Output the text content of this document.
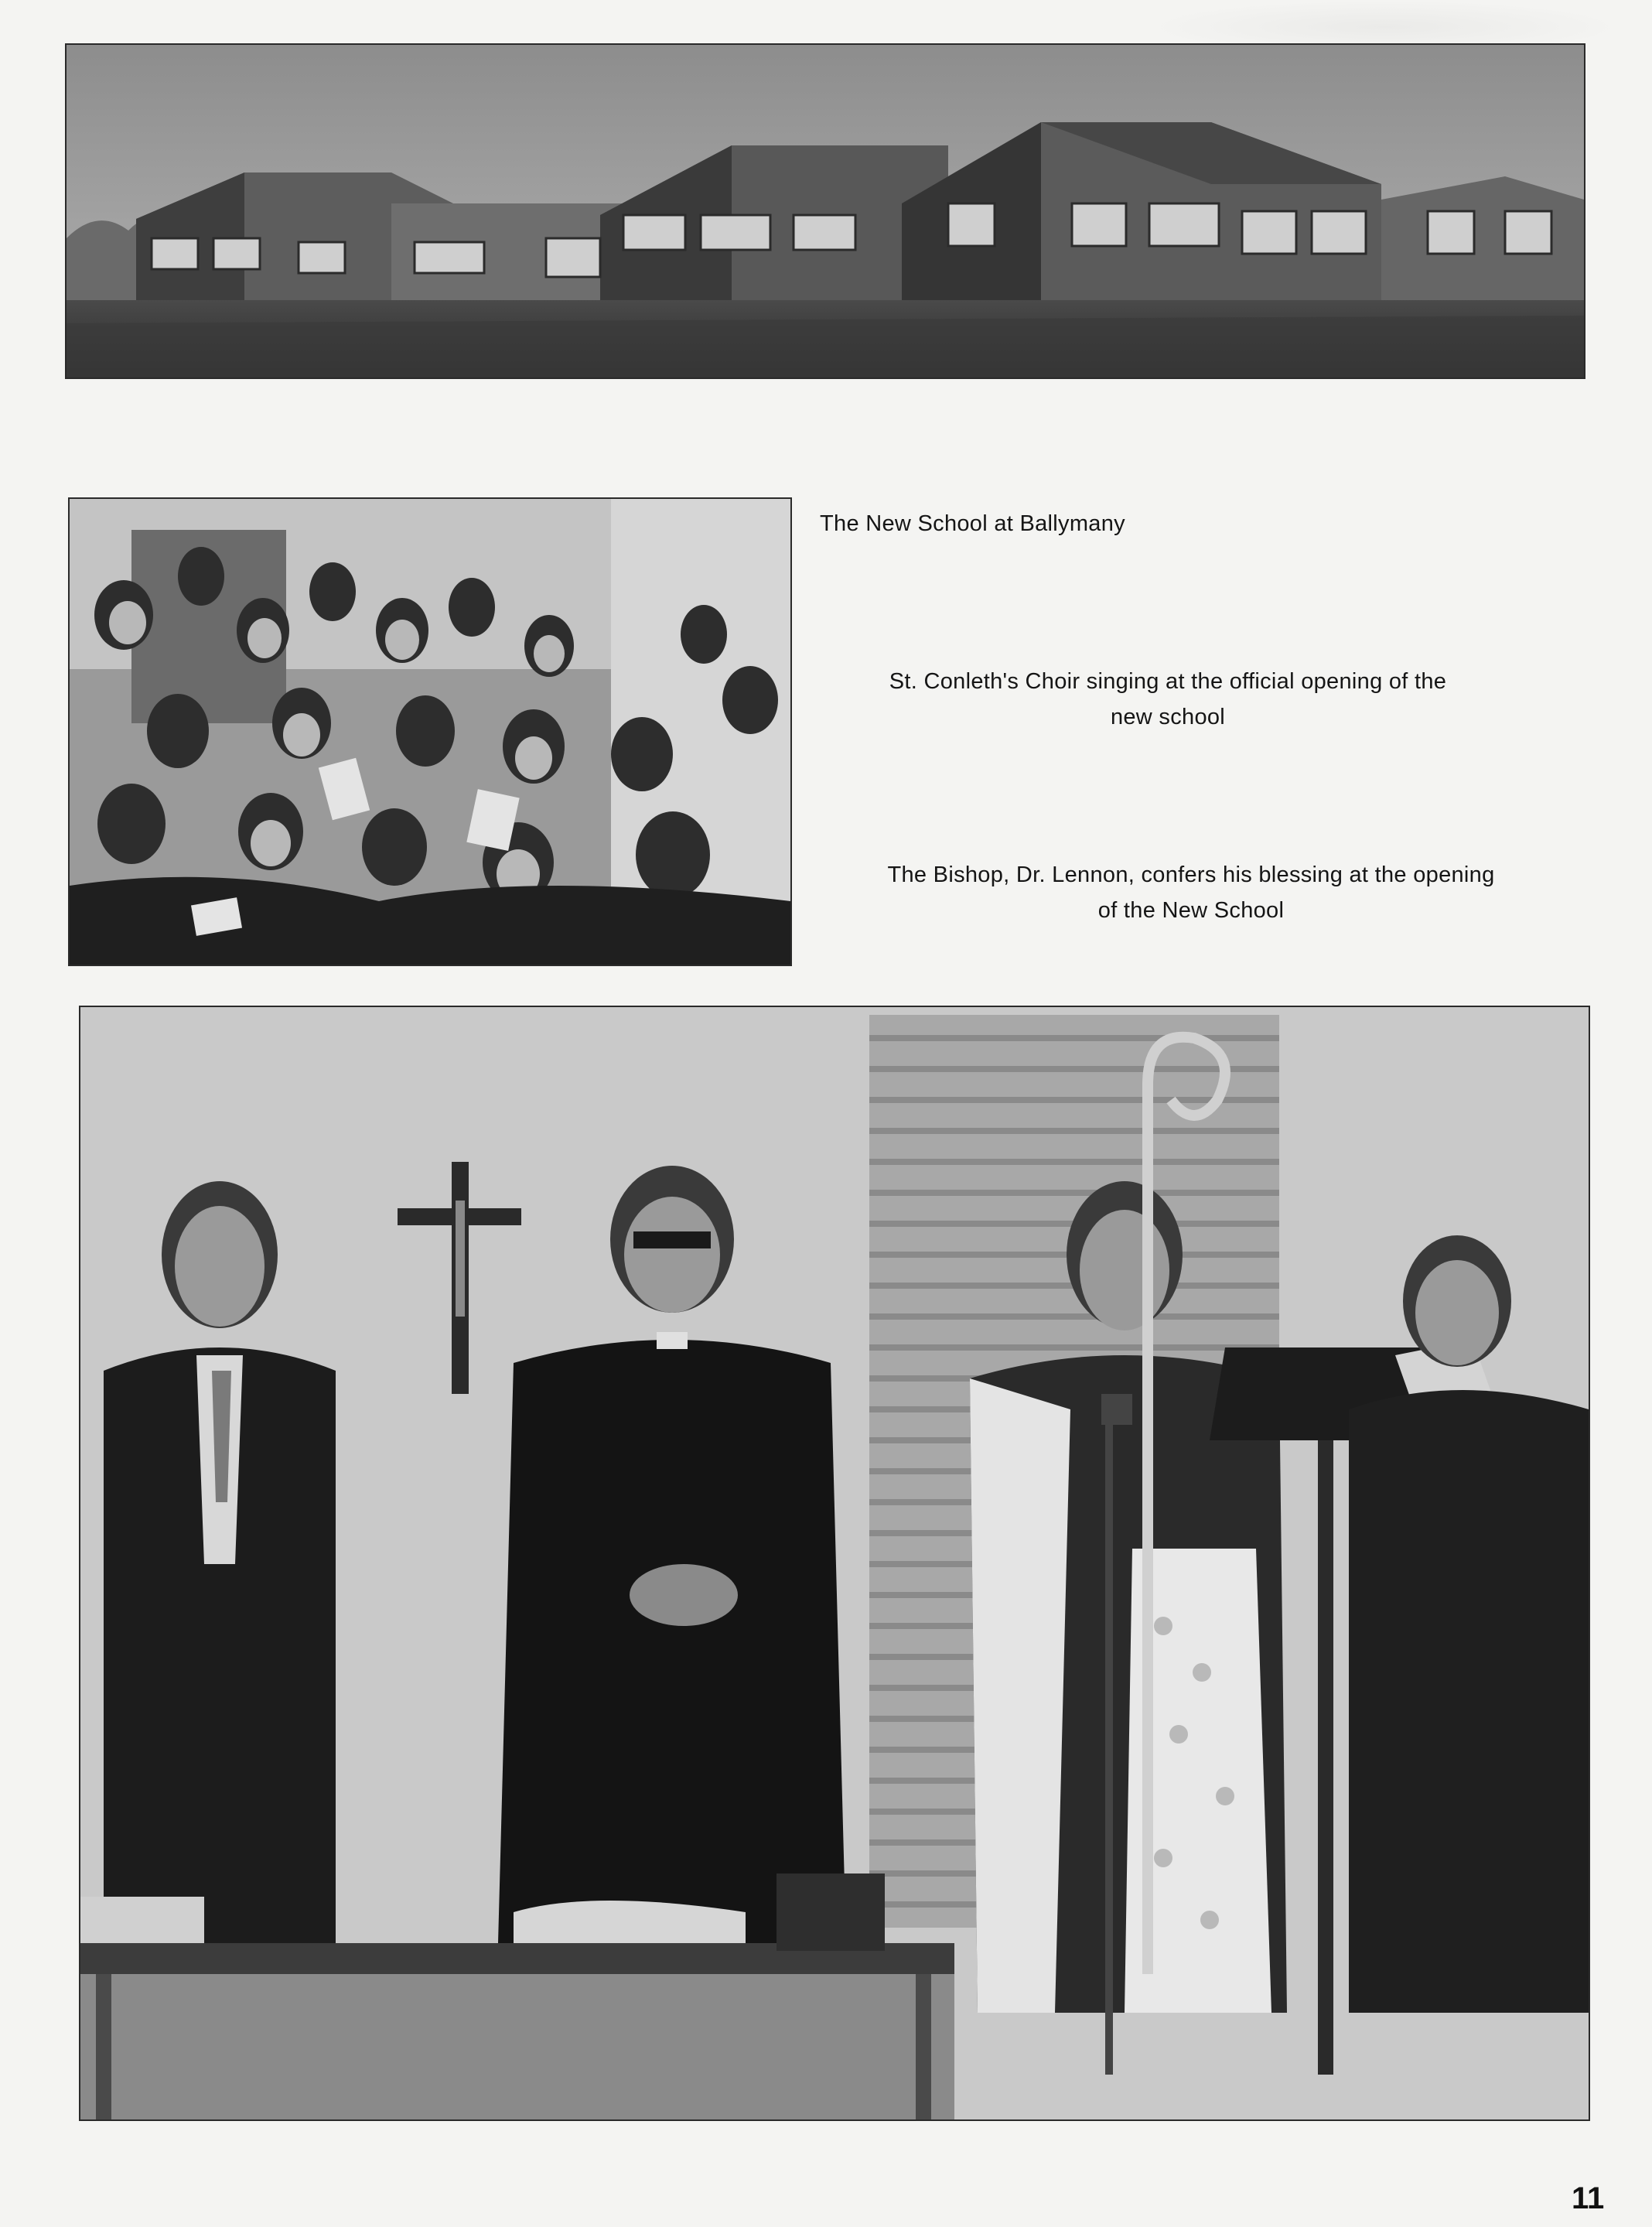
The New School at Ballymany
St. Conleth's Choir singing at the official opening of the
new school
The Bishop, Dr. Lennon, confers his blessing at the opening
of the New School
11
